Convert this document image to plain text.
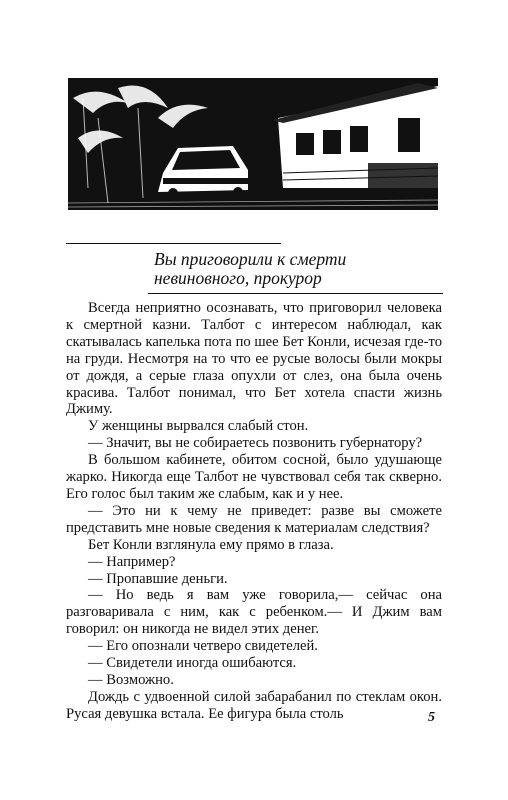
Вы приговорили к смерти
невиновного, прокурор

Всегда неприятно осознавать, что приговорил человека к смертной казни. Талбот с интересом наблюдал, как скатывалась капелька пота по шее Бет Конли, исчезая где-то на груди. Несмотря на то что ее русые волосы были мокры от дождя, а серые глаза опухли от слез, она была очень красива. Талбот понимал, что Бет хотела спасти жизнь Джиму.

У женщины вырвался слабый стон.

— Значит, вы не собираетесь позвонить губернатору?

В большом кабинете, обитом сосной, было удушающе жарко. Никогда еще Талбот не чувствовал себя так скверно. Его голос был таким же слабым, как и у нее.

— Это ни к чему не приведет: разве вы сможете представить мне новые сведения к материалам следствия?

Бет Конли взглянула ему прямо в глаза.

— Например?

— Пропавшие деньги.

— Но ведь я вам уже говорила,— сейчас она разговаривала с ним, как с ребенком.— И Джим вам говорил: он никогда не видел этих денег.

— Его опознали четверо свидетелей.

— Свидетели иногда ошибаются.

— Возможно.

Дождь с удвоенной силой забарабанил по стеклам окон. Русая девушка встала. Ее фигура была столь	5
